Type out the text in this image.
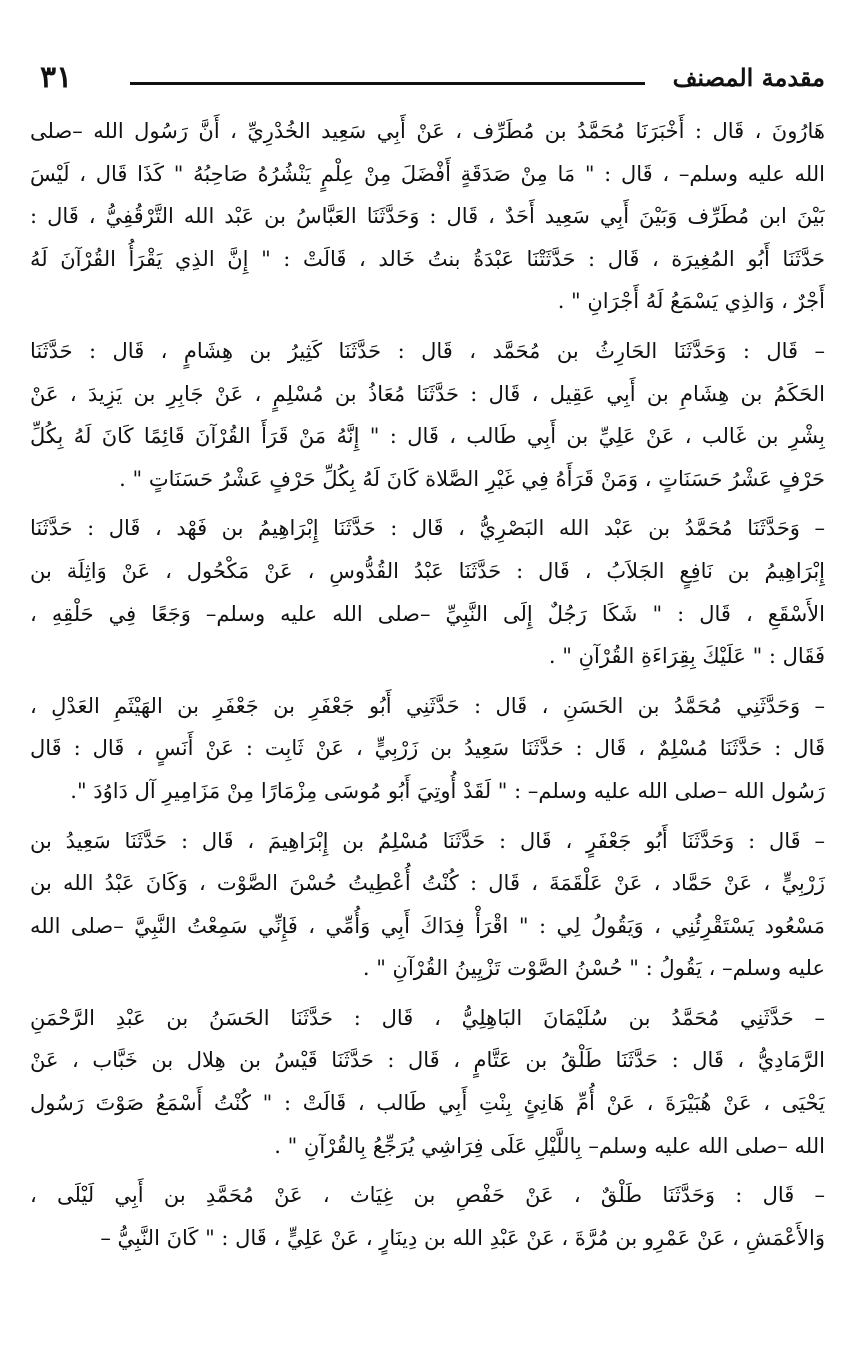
٣١	مقدمة المصنف
هَارُونَ ، قَال : أَخْبَرَنَا مُحَمَّدُ بن مُطَرِّف ، عَنْ أَبِي سَعِيد الخُدْرِيِّ ، أَنَّ رَسُول الله –صلى
الله عليه وسلم– ، قَال : " مَا مِنْ صَدَقَةٍ أَفْضَلَ مِنْ عِلْمٍ يَنْشُرُهُ صَاحِبُهُ " كَذَا قَال ، لَيْسَ
بَيْنَ ابن مُطَرِّف وَبَيْنَ أَبِي سَعِيد أَحَدٌ ، قَال : وَحَدَّثَنَا العَبَّاسُ بن عَبْد الله التَّرْقُفِيُّ ، قَال :
حَدَّثَنَا أَبُو المُغِيرَة ، قَال : حَدَّثَتْنَا عَبْدَةُ بنتُ خَالد ، قَالَتْ : " إِنَّ الذِي يَقْرَأُ القُرْآنَ لَهُ
أَجْرٌ ، وَالذِي يَسْمَعُ لَهُ أَجْرَانِ " .
– قَال : وَحَدَّثَنَا الحَارِثُ بن مُحَمَّد ، قَال : حَدَّثَنَا كَثِيرُ بن هِشَامٍ ، قَال : حَدَّثَنَا
الحَكَمُ بن هِشَامِ بن أَبِي عَقِيل ، قَال : حَدَّثَنَا مُعَاذُ بن مُسْلِمٍ ، عَنْ جَابِرِ بن يَزِيدَ ، عَنْ
بِشْرِ بن غَالب ، عَنْ عَلِيِّ بن أَبِي طَالب ، قَال : " إِنَّهُ مَنْ قَرَأَ القُرْآنَ قَائِمًا كَانَ لَهُ بِكُلِّ
حَرْفٍ عَشْرُ حَسَنَاتٍ ، وَمَنْ قَرَأَهُ فِي غَيْرِ الصَّلاة كَانَ لَهُ بِكُلِّ حَرْفٍ عَشْرُ حَسَنَاتٍ " .
– وَحَدَّثَنَا مُحَمَّدُ بن عَبْد الله البَصْرِيُّ ، قَال : حَدَّثَنَا إِبْرَاهِيمُ بن فَهْد ، قَال : حَدَّثَنَا
إِبْرَاهِيمُ بن نَافِعٍ الجَلاَبُ ، قَال : حَدَّثَنَا عَبْدُ القُدُّوسِ ، عَنْ مَكْحُول ، عَنْ وَاثِلَة بن
الأَسْقَعِ ، قَال : " شَكَا رَجُلٌ إِلَى النَّبِيِّ –صلى الله عليه وسلم– وَجَعًا فِي حَلْقِهِ ،
فَقَال : " عَلَيْكَ بِقِرَاءَةِ القُرْآنِ " .
– وَحَدَّثَنِي مُحَمَّدُ بن الحَسَنِ ، قَال : حَدَّثَنِي أَبُو جَعْفَرِ بن جَعْفَرِ بن الهَيْثَمِ العَدْلِ ،
قَال : حَدَّثَنَا مُسْلِمٌ ، قَال : حَدَّثَنَا سَعِيدُ بن زَرْبِيٍّ ، عَنْ ثَابِت : عَنْ أَنَسٍ ، قَال : قَال
رَسُول الله –صلى الله عليه وسلم– : " لَقَدْ أُوتِيَ أَبُو مُوسَى مِزْمَارًا مِنْ مَزَامِيرِ آل دَاوُدَ ".
– قَال : وَحَدَّثَنَا أَبُو جَعْفَرٍ ، قَال : حَدَّثَنَا مُسْلِمُ بن إِبْرَاهِيمَ ، قَال : حَدَّثَنَا سَعِيدُ بن
زَرْبِيٍّ ، عَنْ حَمَّاد ، عَنْ عَلْقَمَةَ ، قَال : كُنْتُ أُعْطِيتُ حُسْنَ الصَّوْت ، وَكَانَ عَبْدُ الله بن
مَسْعُود يَسْتَقْرِئُنِي ، وَيَقُولُ لِي : " اقْرَأْ فِدَاكَ أَبِي وَأُمِّي ، فَإِنِّي سَمِعْتُ النَّبِيَّ –صلى الله
عليه وسلم– ، يَقُولُ : " حُسْنُ الصَّوْت تَزْيِينُ القُرْآنِ " .
– حَدَّثَنِي مُحَمَّدُ بن سُلَيْمَانَ البَاهِلِيُّ ، قَال : حَدَّثَنَا الحَسَنُ بن عَبْدِ الرَّحْمَنِ
الرَّمَادِيُّ ، قَال : حَدَّثَنَا طَلْقُ بن عَتَّامٍ ، قَال : حَدَّثَنَا قَيْسُ بن هِلال بن خَبَّاب ، عَنْ
يَحْيَى ، عَنْ هُبَيْرَةَ ، عَنْ أُمِّ هَانِئٍ بِنْتِ أَبِي طَالب ، قَالَتْ : " كُنْتُ أَسْمَعُ صَوْتَ رَسُول
الله –صلى الله عليه وسلم– بِاللَّيْلِ عَلَى فِرَاشِي يُرَجِّعُ بِالقُرْآنِ " .
– قَال : وَحَدَّثَنَا طَلْقٌ ، عَنْ حَفْصِ بن غِيَاث ، عَنْ مُحَمَّدِ بن أَبِي لَيْلَى ،
وَالأَعْمَشِ ، عَنْ عَمْرِو بن مُرَّةَ ، عَنْ عَبْدِ الله بن دِينَارٍ ، عَنْ عَلِيٍّ ، قَال : " كَانَ النَّبِيُّ –
